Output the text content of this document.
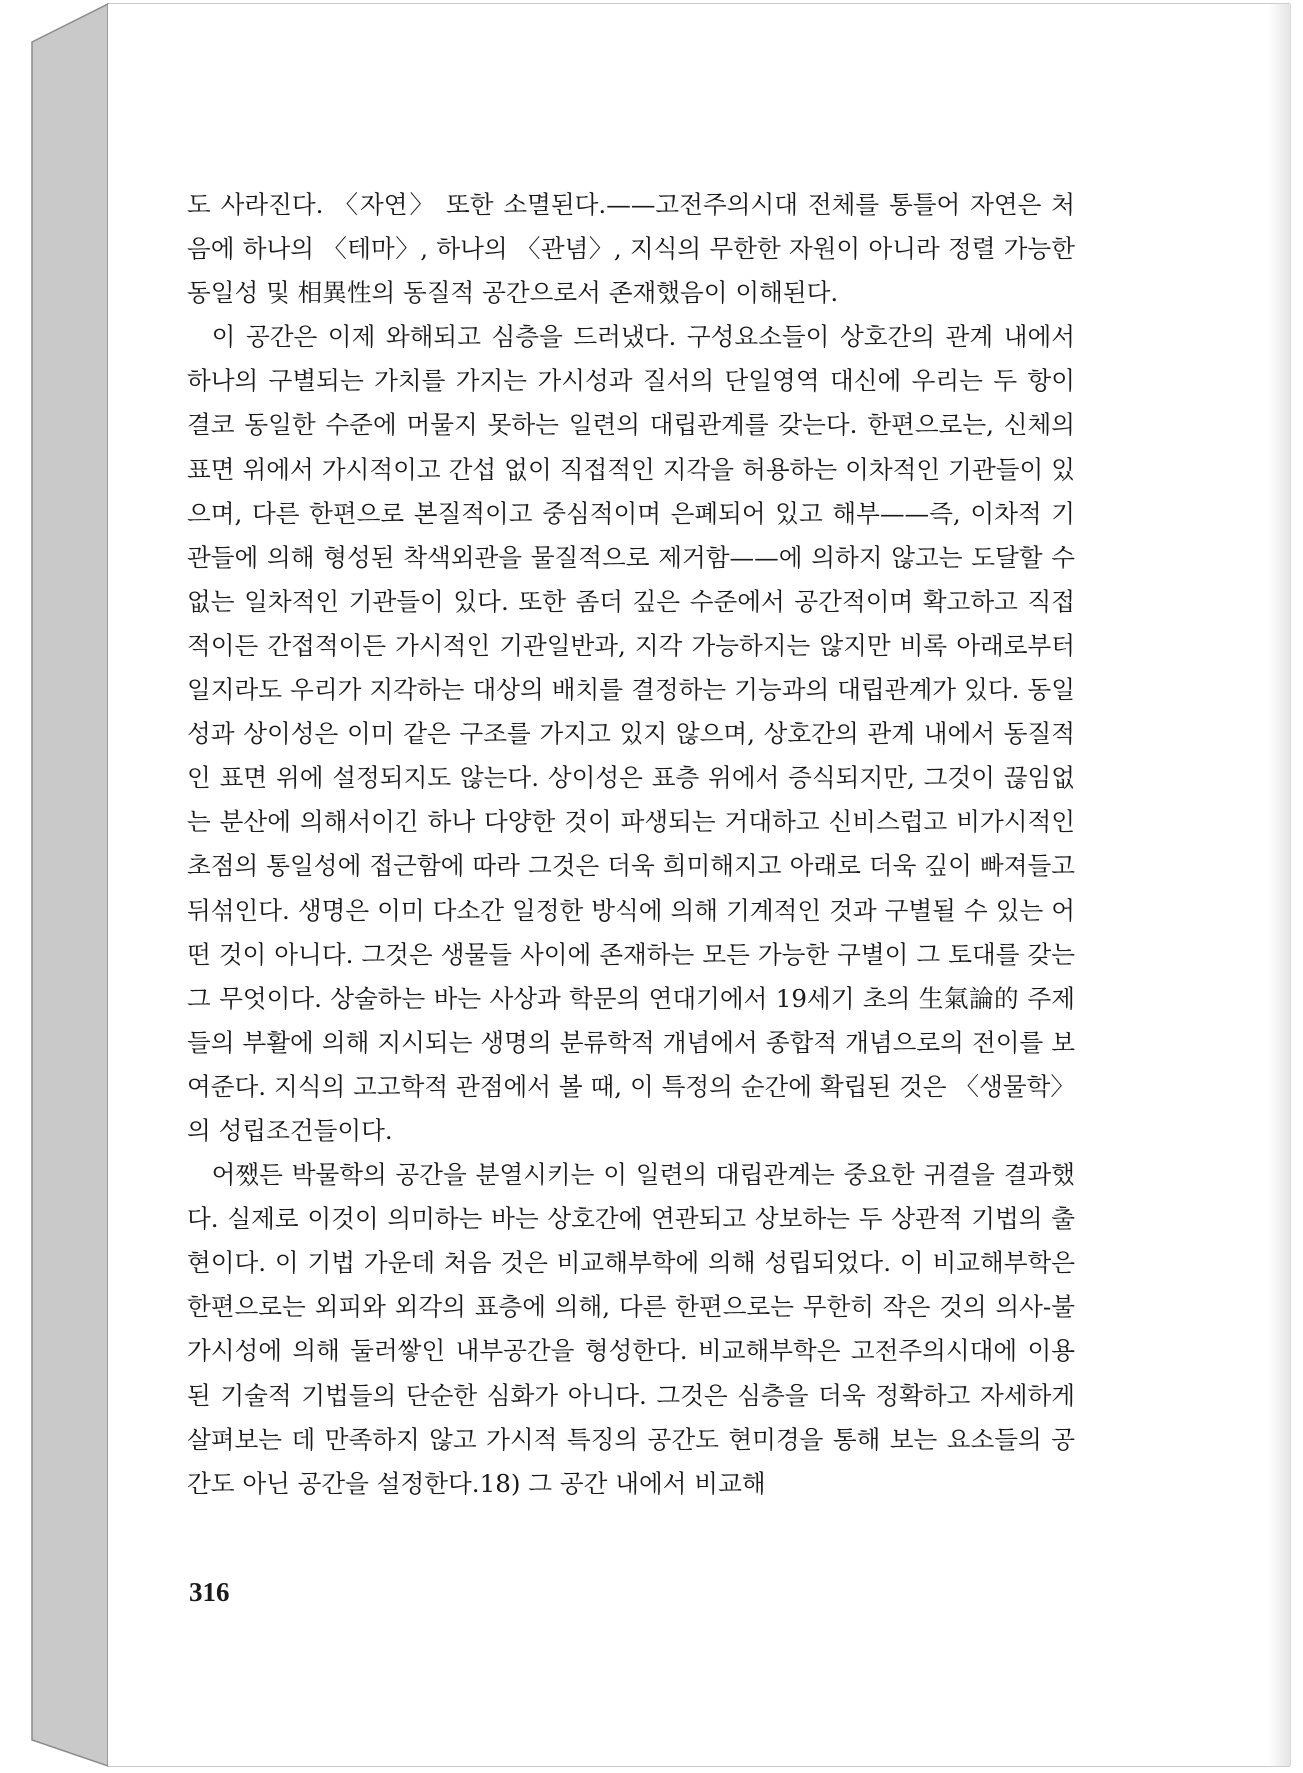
도 사라진다. 〈자연〉 또한 소멸된다.——고전주의시대 전체를 통틀어 자연은 처음에 하나의 〈테마〉, 하나의 〈관념〉, 지식의 무한한 자원이 아니라 정렬 가능한 동일성 및 相異性의 동질적 공간으로서 존재했음이 이해된다.

이 공간은 이제 와해되고 심층을 드러냈다. 구성요소들이 상호간의 관계 내에서 하나의 구별되는 가치를 가지는 가시성과 질서의 단일영역 대신에 우리는 두 항이 결코 동일한 수준에 머물지 못하는 일련의 대립관계를 갖는다. 한편으로는, 신체의 표면 위에서 가시적이고 간섭 없이 직접적인 지각을 허용하는 이차적인 기관들이 있으며, 다른 한편으로 본질적이고 중심적이며 은폐되어 있고 해부——즉, 이차적 기관들에 의해 형성된 착색외관을 물질적으로 제거함——에 의하지 않고는 도달할 수 없는 일차적인 기관들이 있다. 또한 좀더 깊은 수준에서 공간적이며 확고하고 직접적이든 간접적이든 가시적인 기관일반과, 지각 가능하지는 않지만 비록 아래로부터일지라도 우리가 지각하는 대상의 배치를 결정하는 기능과의 대립관계가 있다. 동일성과 상이성은 이미 같은 구조를 가지고 있지 않으며, 상호간의 관계 내에서 동질적인 표면 위에 설정되지도 않는다. 상이성은 표층 위에서 증식되지만, 그것이 끊임없는 분산에 의해서이긴 하나 다양한 것이 파생되는 거대하고 신비스럽고 비가시적인 초점의 통일성에 접근함에 따라 그것은 더욱 희미해지고 아래로 더욱 깊이 빠져들고 뒤섞인다. 생명은 이미 다소간 일정한 방식에 의해 기계적인 것과 구별될 수 있는 어떤 것이 아니다. 그것은 생물들 사이에 존재하는 모든 가능한 구별이 그 토대를 갖는 그 무엇이다. 상술하는 바는 사상과 학문의 연대기에서 19세기 초의 生氣論的 주제들의 부활에 의해 지시되는 생명의 분류학적 개념에서 종합적 개념으로의 전이를 보여준다. 지식의 고고학적 관점에서 볼 때, 이 특정의 순간에 확립된 것은 〈생물학〉의 성립조건들이다.

어쨌든 박물학의 공간을 분열시키는 이 일련의 대립관계는 중요한 귀결을 결과했다. 실제로 이것이 의미하는 바는 상호간에 연관되고 상보하는 두 상관적 기법의 출현이다. 이 기법 가운데 처음 것은 비교해부학에 의해 성립되었다. 이 비교해부학은 한편으로는 외피와 외각의 표층에 의해, 다른 한편으로는 무한히 작은 것의 의사-불가시성에 의해 둘러쌓인 내부공간을 형성한다. 비교해부학은 고전주의시대에 이용된 기술적 기법들의 단순한 심화가 아니다. 그것은 심층을 더욱 정확하고 자세하게 살펴보는 데 만족하지 않고 가시적 특징의 공간도 현미경을 통해 보는 요소들의 공간도 아닌 공간을 설정한다.18) 그 공간 내에서 비교해

316
